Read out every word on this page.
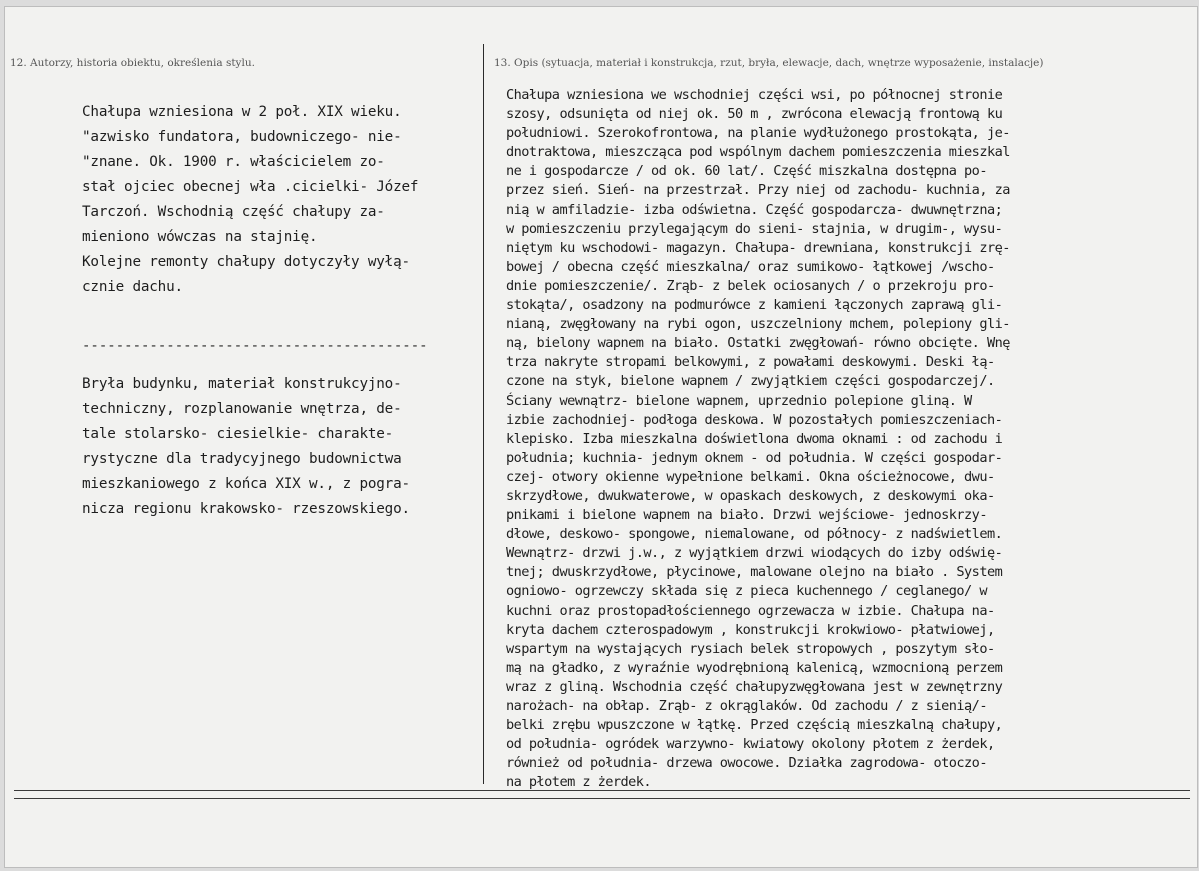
12. Autorzy, historia obiektu, określenia stylu.	13. Opis (sytuacja, materiał i konstrukcja, rzut, bryła, elewacje, dach, wnętrze wyposażenie, instalacje)
Chałupa wzniesiona w 2 poł. XIX wieku.
"azwisko fundatora, budowniczego- nie-
"znane. Ok. 1900 r. właścicielem zo-
stał ojciec obecnej wła .cicielki- Józef
Tarczoń. Wschodnią część chałupy za-
mieniono wówczas na stajnię.
Kolejne remonty chałupy dotyczyły wyłą-
cznie dachu.
-----------------------------------------
Bryła budynku, materiał konstrukcyjno-
techniczny, rozplanowanie wnętrza, de-
tale stolarsko- ciesielkie- charakte-
rystyczne dla tradycyjnego budownictwa
mieszkaniowego z końca XIX w., z pogra-
nicza regionu krakowsko- rzeszowskiego.
Chałupa wzniesiona we wschodniej części wsi, po północnej stronie
szosy, odsunięta od niej ok. 50 m , zwrócona elewacją frontową ku
południowi. Szerokofrontowa, na planie wydłużonego prostokąta, je-
dnotraktowa, mieszcząca pod wspólnym dachem pomieszczenia mieszkal
ne i gospodarcze / od ok. 60 lat/. Część miszkalna dostępna po-
przez sień. Sień- na przestrzał. Przy niej od zachodu- kuchnia, za
nią w amfiladzie- izba odświetna. Część gospodarcza- dwuwnętrzna;
w pomieszczeniu przylegającym do sieni- stajnia, w drugim-, wysu-
niętym ku wschodowi- magazyn. Chałupa- drewniana, konstrukcji zrę-
bowej / obecna część mieszkalna/ oraz sumikowo- łątkowej /wscho-
dnie pomieszczenie/. Zrąb- z belek ociosanych / o przekroju pro-
stokąta/, osadzony na podmurówce z kamieni łączonych zaprawą gli-
nianą, zwęgłowany na rybi ogon, uszczelniony mchem, polepiony gli-
ną, bielony wapnem na biało. Ostatki zwęgłowań- równo obcięte. Wnę
trza nakryte stropami belkowymi, z powałami deskowymi. Deski łą-
czone na styk, bielone wapnem / zwyjątkiem części gospodarczej/.
Ściany wewnątrz- bielone wapnem, uprzednio polepione gliną. W
izbie zachodniej- podłoga deskowa. W pozostałych pomieszczeniach-
klepisko. Izba mieszkalna doświetlona dwoma oknami : od zachodu i
południa; kuchnia- jednym oknem - od południa. W części gospodar-
czej- otwory okienne wypełnione belkami. Okna ościeżnocowe, dwu-
skrzydłowe, dwukwaterowe, w opaskach deskowych, z deskowymi oka-
pnikami i bielone wapnem na biało. Drzwi wejściowe- jednoskrzy-
dłowe, deskowo- spongowe, niemalowane, od północy- z nadświetlem.
Wewnątrz- drzwi j.w., z wyjątkiem drzwi wiodących do izby odświę-
tnej; dwuskrzydłowe, płycinowe, malowane olejno na biało . System
ogniowo- ogrzewczy składa się z pieca kuchennego / ceglanego/ w
kuchni oraz prostopadłościennego ogrzewacza w izbie. Chałupa na-
kryta dachem czterospadowym , konstrukcji krokwiowo- płatwiowej,
wspartym na wystających rysiach belek stropowych , poszytym sło-
mą na gładko, z wyraźnie wyodrębnioną kalenicą, wzmocnioną perzem
wraz z gliną. Wschodnia część chałupyzwęgłowana jest w zewnętrzny
narożach- na obłap. Zrąb- z okrąglaków. Od zachodu / z sienią/-
belki zrębu wpuszczone w łątkę. Przed częścią mieszkalną chałupy,
od południa- ogródek warzywno- kwiatowy okolony płotem z żerdek,
również od południa- drzewa owocowe. Działka zagrodowa- otoczo-
na płotem z żerdek.
